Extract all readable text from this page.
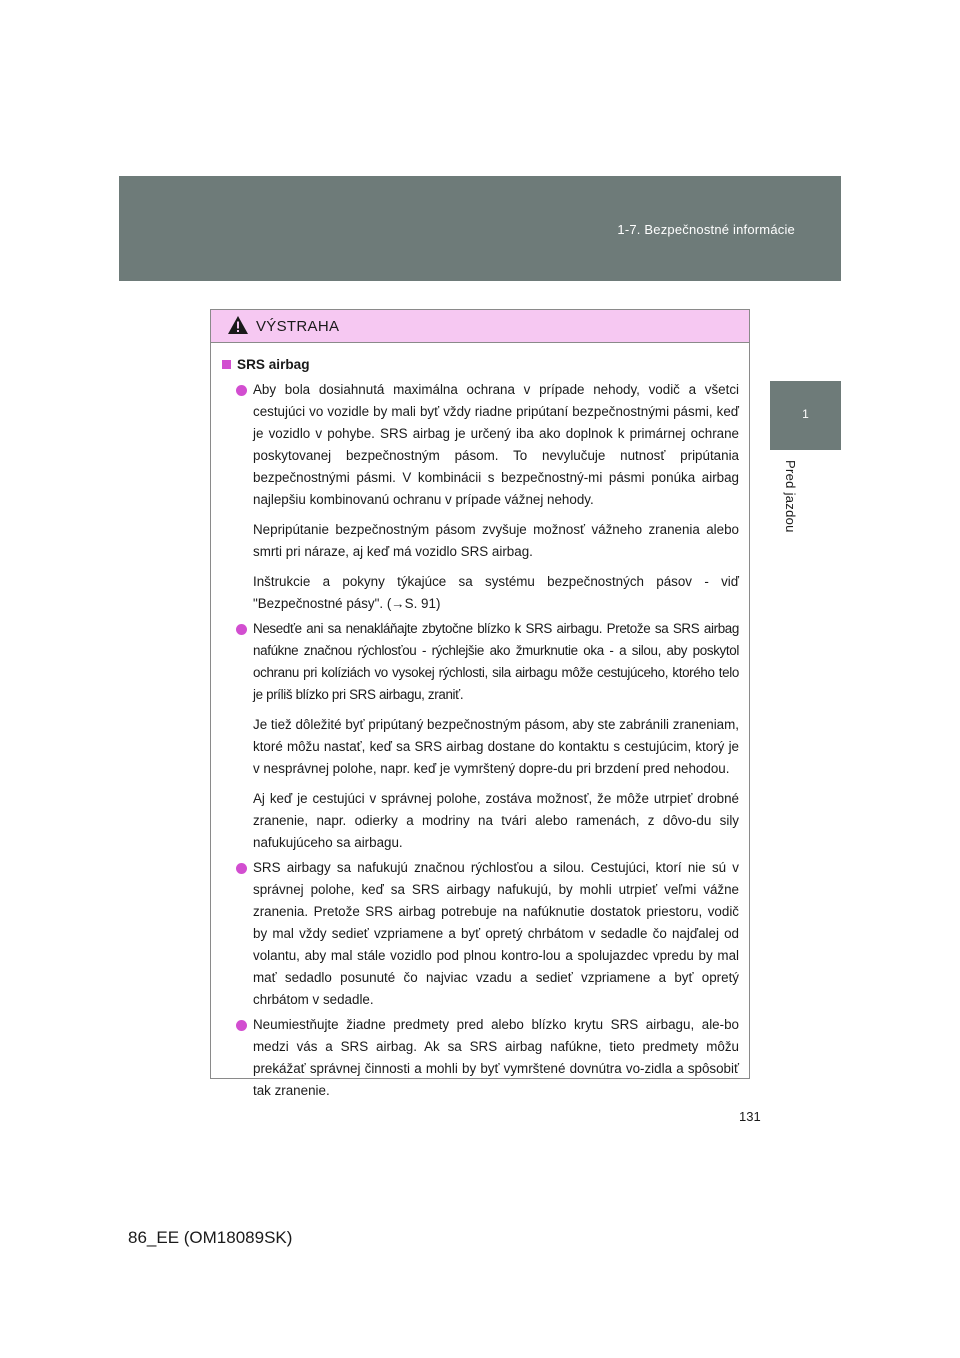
1-7. Bezpečnostné informácie
1
Pred jazdou
VÝSTRAHA
SRS airbag

Aby bola dosiahnutá maximálna ochrana v prípade nehody, vodič a všetci cestujúci vo vozidle by mali byť vždy riadne pripútaní bezpečnostnými pásmi, keď je vozidlo v pohybe. SRS airbag je určený iba ako doplnok k primárnej ochrane poskytovanej bezpečnostným pásom. To nevylučuje nutnosť pripútania bezpečnostnými pásmi. V kombinácii s bezpečnostný-mi pásmi ponúka airbag najlepšiu kombinovanú ochranu v prípade vážnej nehody.

Nepripútanie bezpečnostným pásom zvyšuje možnosť vážneho zranenia alebo smrti pri náraze, aj keď má vozidlo SRS airbag.

Inštrukcie a pokyny týkajúce sa systému bezpečnostných pásov - viď "Bezpečnostné pásy". (→S. 91)

Nesedťe ani sa nenakláňajte zbytočne blízko k SRS airbagu. Pretože sa SRS airbag nafúkne značnou rýchlosťou - rýchlejšie ako žmurknutie oka - a silou, aby poskytol ochranu pri kolíziách vo vysokej rýchlosti, sila airbagu môže cestujúceho, ktorého telo je príliš blízko pri SRS airbagu, zraniť.

Je tiež dôležité byť pripútaný bezpečnostným pásom, aby ste zabránili zraneniam, ktoré môžu nastať, keď sa SRS airbag dostane do kontaktu s cestujúcim, ktorý je v nesprávnej polohe, napr. keď je vymrštený dopre-du pri brzdení pred nehodou.

Aj keď je cestujúci v správnej polohe, zostáva možnosť, že môže utrpieť drobné zranenie, napr. odierky a modriny na tvári alebo ramenách, z dôvo-du sily nafukujúceho sa airbagu.

SRS airbagy sa nafukujú značnou rýchlosťou a silou. Cestujúci, ktorí nie sú v správnej polohe, keď sa SRS airbagy nafukujú, by mohli utrpieť veľmi vážne zranenia. Pretože SRS airbag potrebuje na nafúknutie dostatok priestoru, vodič by mal vždy sedieť vzpriamene a byť opretý chrbátom v sedadle čo najďalej od volantu, aby mal stále vozidlo pod plnou kontro-lou a spolujazdec vpredu by mal mať sedadlo posunuté čo najviac vzadu a sedieť vzpriamene a byť opretý chrbátom v sedadle.

Neumiestňujte žiadne predmety pred alebo blízko krytu SRS airbagu, ale-bo medzi vás a SRS airbag. Ak sa SRS airbag nafúkne, tieto predmety môžu prekážať správnej činnosti a mohli by byť vymrštené dovnútra vo-zidla a spôsobiť tak zranenie.

131
86_EE (OM18089SK)
